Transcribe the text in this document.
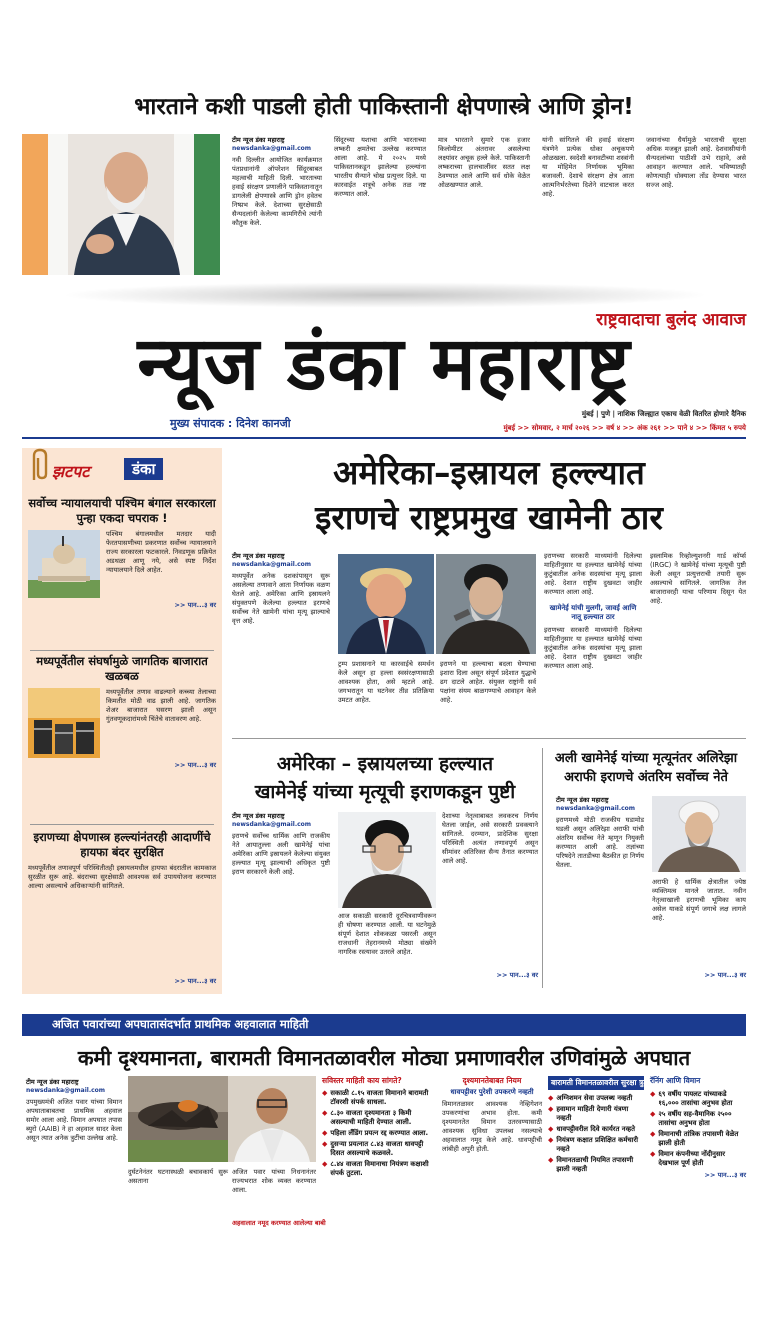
भारताने कशी पाडली होती पाकिस्तानी क्षेपणास्त्रे आणि ड्रोन!
टीम न्यूज डंका महाराष्ट्र
newsdanka@gmail.com
नवी दिल्लीत आयोजित कार्यक्रमात पंतप्रधानांनी ऑपरेशन सिंदूरबाबत महत्वाची माहिती दिली. भारताच्या हवाई संरक्षण प्रणालीने पाकिस्तानातून डागलेली क्षेपणास्त्रे आणि ड्रोन हवेतच निष्प्रभ केले. देशाच्या सुरक्षेसाठी सैन्यदलांनी केलेल्या कामगिरीचे त्यांनी कौतुक केले.
सिंदूरच्या यशाचा आणि भारताच्या लष्करी क्षमतेचा उल्लेख करण्यात आला आहे. मे २०२५ मध्ये पाकिस्तानकडून झालेल्या हल्ल्यांना भारतीय सैन्याने चोख प्रत्युत्तर दिले. या कारवाईत शत्रूचे अनेक तळ नष्ट करण्यात आले.
मात्र भारताने सुमारे एक हजार किलोमीटर अंतरावर असलेल्या लक्ष्यांवर अचूक हल्ले केले. पाकिस्तानी लष्कराच्या हालचालींवर सतत लक्ष ठेवण्यात आले आणि सर्व धोके वेळेत ओळखण्यात आले.
यांनी सांगितले की हवाई संरक्षण यंत्रणेने प्रत्येक धोका अचूकपणे ओळखला. स्वदेशी बनावटीच्या शस्त्रांनी या मोहिमेत निर्णायक भूमिका बजावली. देशाचे संरक्षण क्षेत्र आता आत्मनिर्भरतेच्या दिशेने वाटचाल करत आहे.
जवानांच्या धैर्यामुळे भारताची सुरक्षा अधिक मजबूत झाली आहे. देशवासीयांनी सैन्यदलांच्या पाठीशी उभे राहावे, असे आवाहन करण्यात आले. भविष्यातही कोणत्याही धोक्याला तोंड देण्यास भारत सज्ज आहे.
राष्ट्रवादाचा बुलंद आवाज
न्यूज डंका महाराष्ट्र
मुख्य संपादक : दिनेश कानजी
मुंबई | पुणे | नाशिक जिल्ह्यात एकाच वेळी वितरित होणारे दैनिक
मुंबई >> सोमवार, २ मार्च २०२६ >> वर्ष ४ >> अंक २६१ >> पाने ४ >> किंमत ५ रुपये
झटपट	डंका
सर्वोच्च न्यायालयाची पश्चिम बंगाल सरकारला पुन्हा एकदा चपराक !
पश्चिम बंगालमधील मतदार यादी फेरतपासणीच्या प्रकरणात सर्वोच्च न्यायालयाने राज्य सरकारला फटकारले. निवडणूक प्रक्रियेत अडथळा आणू नये, असे स्पष्ट निर्देश न्यायालयाने दिले आहेत.
>> पान...३ वर
मध्यपूर्वेतील संघर्षामुळे जागतिक बाजारात खळबळ
मध्यपूर्वेतील तणाव वाढल्याने कच्च्या तेलाच्या किमतीत मोठी वाढ झाली आहे. जागतिक शेअर बाजारात घसरण झाली असून गुंतवणूकदारांमध्ये चिंतेचे वातावरण आहे.
>> पान...३ वर
इराणच्या क्षेपणास्त्र हल्ल्यांनंतरही आदाणींचे हायफा बंदर सुरक्षित
मध्यपूर्वेतील तणावपूर्ण परिस्थितीतही इस्रायलमधील हायफा बंदरातील कामकाज सुरळीत सुरू आहे. बंदराच्या सुरक्षेसाठी आवश्यक सर्व उपाययोजना करण्यात आल्या असल्याचे अधिकाऱ्यांनी सांगितले.
>> पान...३ वर
अमेरिका–इस्रायल हल्ल्यात
इराणचे राष्ट्रप्रमुख खामेनी ठार
टीम न्यूज डंका महाराष्ट्र
newsdanka@gmail.com
मध्यपूर्वेत अनेक दशकांपासून सुरू असलेल्या तणावाने आता निर्णायक वळण घेतले आहे. अमेरिका आणि इस्रायलने संयुक्तपणे केलेल्या हल्ल्यात इराणचे सर्वोच्च नेते खामेनी यांचा मृत्यू झाल्याचे वृत्त आहे.
ट्रम्प प्रशासनाने या कारवाईचे समर्थन केले असून हा हल्ला स्वसंरक्षणासाठी आवश्यक होता, असे म्हटले आहे. जगभरातून या घटनेवर तीव्र प्रतिक्रिया उमटत आहेत.
इराणने या हल्ल्याचा बदला घेण्याचा इशारा दिला असून संपूर्ण प्रदेशात युद्धाचे ढग दाटले आहेत. संयुक्त राष्ट्रांनी सर्व पक्षांना संयम बाळगण्याचे आवाहन केले आहे.
इराणच्या सरकारी माध्यमांनी दिलेल्या माहितीनुसार या हल्ल्यात खामेनेई यांच्या कुटुंबातील अनेक सदस्यांचा मृत्यू झाला आहे. देशात राष्ट्रीय दुखवटा जाहीर करण्यात आला आहे.
खामेनेई यांची मुलगी, जावई आणि नातू हल्ल्यात ठार
इराणच्या सरकारी माध्यमांनी दिलेल्या माहितीनुसार या हल्ल्यात खामेनेई यांच्या कुटुंबातील अनेक सदस्यांचा मृत्यू झाला आहे. देशात राष्ट्रीय दुखवटा जाहीर करण्यात आला आहे.
इस्लामिक रिव्होल्युशनरी गार्ड कॉर्प्स (IRGC) ने खामेनेई यांच्या मृत्यूची पुष्टी केली असून प्रत्युत्तराची तयारी सुरू असल्याचे सांगितले. जागतिक तेल बाजारावरही याचा परिणाम दिसून येत आहे.
अमेरिका – इस्रायलच्या हल्ल्यात
खामेनेई यांच्या मृत्यूची इराणकडून पुष्टी
टीम न्यूज डंका महाराष्ट्र
newsdanka@gmail.com
इराणचे सर्वोच्च धार्मिक आणि राजकीय नेते आयातुल्ला अली खामेनेई यांचा अमेरिका आणि इस्रायलने केलेल्या संयुक्त हल्ल्यात मृत्यू झाल्याची अधिकृत पुष्टी इराण सरकारने केली आहे.
आज सकाळी सरकारी दूरचित्रवाणीवरून ही घोषणा करण्यात आली. या घटनेमुळे संपूर्ण देशात शोककळा पसरली असून राजधानी तेहरानमध्ये मोठ्या संख्येने नागरिक रस्त्यावर उतरले आहेत.
देशाच्या नेतृत्वाबाबत लवकरच निर्णय घेतला जाईल, असे सरकारी प्रवक्त्याने सांगितले. दरम्यान, प्रादेशिक सुरक्षा परिस्थिती अत्यंत तणावपूर्ण असून सीमांवर अतिरिक्त सैन्य तैनात करण्यात आले आहे.
>> पान...३ वर
अली खामेनेई यांच्या मृत्यूनंतर अलिरेझा
अराफी इराणचे अंतरिम सर्वोच्च नेते
टीम न्यूज डंका महाराष्ट्र
newsdanka@gmail.com
इराणमध्ये मोठी राजकीय घडामोड घडली असून अलिरेझा अराफी यांची अंतरिम सर्वोच्च नेते म्हणून नियुक्ती करण्यात आली आहे. तज्ञांच्या परिषदेने तातडीच्या बैठकीत हा निर्णय घेतला.
अराफी हे धार्मिक क्षेत्रातील ज्येष्ठ व्यक्तिमत्व मानले जातात. नवीन नेतृत्वाखाली इराणची भूमिका काय असेल याकडे संपूर्ण जगाचे लक्ष लागले आहे.
>> पान...३ वर
अजित पवारांच्या अपघातासंदर्भात प्राथमिक अहवालात माहिती
कमी दृश्यमानता, बारामती विमानतळावरील मोठ्या प्रमाणावरील उणिवांमुळे अपघात
टीम न्यूज डंका महाराष्ट्र
newsdanka@gmail.com
उपमुख्यमंत्री अजित पवार यांच्या विमान अपघाताबाबतचा प्राथमिक अहवाल समोर आला आहे. विमान अपघात तपास ब्युरो (AAIB) ने हा अहवाल सादर केला असून त्यात अनेक त्रुटींचा उल्लेख आहे.
दुर्घटनेनंतर घटनास्थळी बचावकार्य सुरू असताना
अजित पवार यांच्या निधनानंतर राज्यभरात शोक व्यक्त करण्यात आला.
अहवालात नमूद करण्यात आलेल्या बाबी
सविस्तर माहिती काय सांगते?
◆ सकाळी ८.१५ वाजता विमानाने बारामती टॉवरशी संपर्क साधला.
◆ ८.३० वाजता दृश्यमानता ३ किमी असल्याची माहिती देण्यात आली.
◆ पहिला लँडिंग प्रयत्न रद्द करण्यात आला.
◆ दुसऱ्या प्रयत्नात ८.४३ वाजता धावपट्टी दिसत असल्याचे कळवले.
◆ ८.४४ वाजता विमानाचा नियंत्रण कक्षाशी संपर्क तुटला.
दृश्यमानतेबाबत नियम
धावपट्टीवर पुरेशी उपकरणे नव्हती
विमानतळावर आवश्यक नेव्हिगेशन उपकरणांचा अभाव होता. कमी दृश्यमानतेत विमान उतरवण्यासाठी आवश्यक सुविधा उपलब्ध नसल्याचे अहवालात नमूद केले आहे. धावपट्टीची लांबीही अपुरी होती.
बारामती विमानतळावरील सुरक्षा त्रुटी
◆ अग्निशमन सेवा उपलब्ध नव्हती
◆ हवामान माहिती देणारी यंत्रणा नव्हती
◆ धावपट्टीवरील दिवे कार्यरत नव्हते
◆ नियंत्रण कक्षात प्रशिक्षित कर्मचारी नव्हते
◆ विमानतळाची नियमित तपासणी झाली नव्हती
रॅनिंग आणि विमान
◆ ६९ वर्षीय पायलट यांच्याकडे १६,००० तासांचा अनुभव होता
◆ २५ वर्षीय सह-वैमानिक २५०० तासांचा अनुभव होता
◆ विमानाची तांत्रिक तपासणी वेळेत झाली होती
◆ विमान कंपनीच्या नोंदीनुसार देखभाल पूर्ण होती
>> पान...३ वर
